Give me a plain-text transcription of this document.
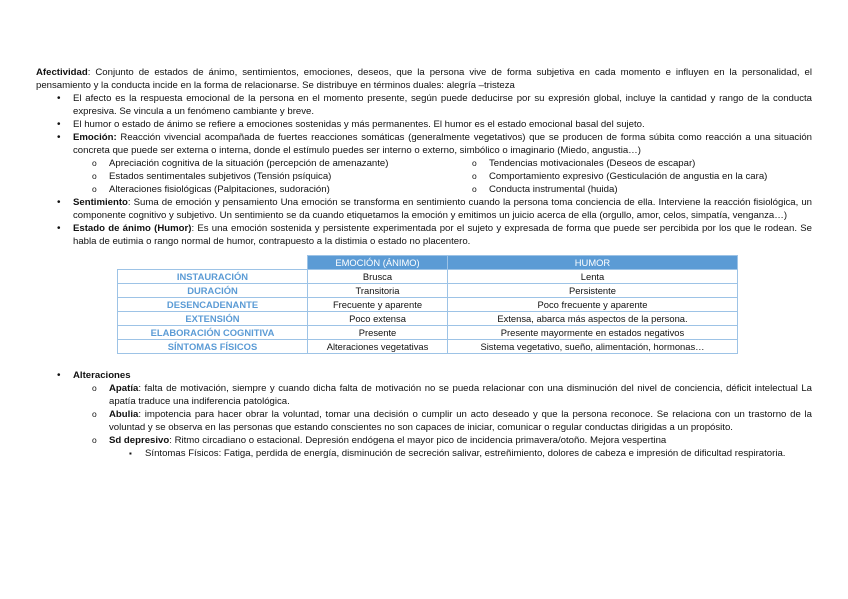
Afectividad: Conjunto de estados de ánimo, sentimientos, emociones, deseos, que la persona vive de forma subjetiva en cada momento e influyen en la personalidad, el pensamiento y la conducta incide en la forma de relacionarse. Se distribuye en términos duales: alegría –tristeza

• El afecto es la respuesta emocional de la persona en el momento presente, según puede deducirse por su expresión global, incluye la cantidad y rango de la conducta expresiva. Se vincula a un fenómeno cambiante y breve.
• El humor o estado de ánimo se refiere a emociones sostenidas y más permanentes. El humor es el estado emocional basal del sujeto.
• Emoción: Reacción vivencial acompañada de fuertes reacciones somáticas (generalmente vegetativos) que se producen de forma súbita como reacción a una situación concreta que puede ser externa o interna, donde el estímulo puedes ser interno o externo, simbólico o imaginario (Miedo, angustia…)
o Apreciación cognitiva de la situación (percepción de amenazante)
o Estados sentimentales subjetivos (Tensión psíquica)
o Alteraciones fisiológicas (Palpitaciones, sudoración)
o Tendencias motivacionales (Deseos de escapar)
o Comportamiento expresivo (Gesticulación de angustia en la cara)
o Conducta instrumental (huida)
• Sentimiento: Suma de emoción y pensamiento Una emoción se transforma en sentimiento cuando la persona toma conciencia de ella. Interviene la reacción fisiológica, un componente cognitivo y subjetivo. Un sentimiento se da cuando etiquetamos la emoción y emitimos un juicio acerca de ella (orgullo, amor, celos, simpatía, venganza…)
• Estado de ánimo (Humor): Es una emoción sostenida y persistente experimentada por el sujeto y expresada de forma que puede ser percibida por los que le rodean. Se habla de eutimia o rango normal de humor, contrapuesto a la distimia o estado no placentero.
	EMOCIÓN (ÁNIMO)	HUMOR
INSTAURACIÓN	Brusca	Lenta
DURACIÓN	Transitoria	Persistente
DESENCADENANTE	Frecuente y aparente	Poco frecuente y aparente
EXTENSIÓN	Poco extensa	Extensa, abarca más aspectos de la persona.
ELABORACIÓN COGNITIVA	Presente	Presente mayormente en estados negativos
SÍNTOMAS FÍSICOS	Alteraciones vegetativas	Sistema vegetativo, sueño, alimentación, hormonas…
• Alteraciones
o Apatía: falta de motivación, siempre y cuando dicha falta de motivación no se pueda relacionar con una disminución del nivel de conciencia, déficit intelectual La apatía traduce una indiferencia patológica.
o Abulia: impotencia para hacer obrar la voluntad, tomar una decisión o cumplir un acto deseado y que la persona reconoce. Se relaciona con un trastorno de la voluntad y se observa en las personas que estando conscientes no son capaces de iniciar, comunicar o regular conductas dirigidas a un propósito.
o Sd depresivo: Ritmo circadiano o estacional. Depresión endógena el mayor pico de incidencia primavera/otoño. Mejora vespertina
▪ Síntomas Físicos: Fatiga, perdida de energía, disminución de secreción salivar, estreñimiento, dolores de cabeza e impresión de dificultad respiratoria.
